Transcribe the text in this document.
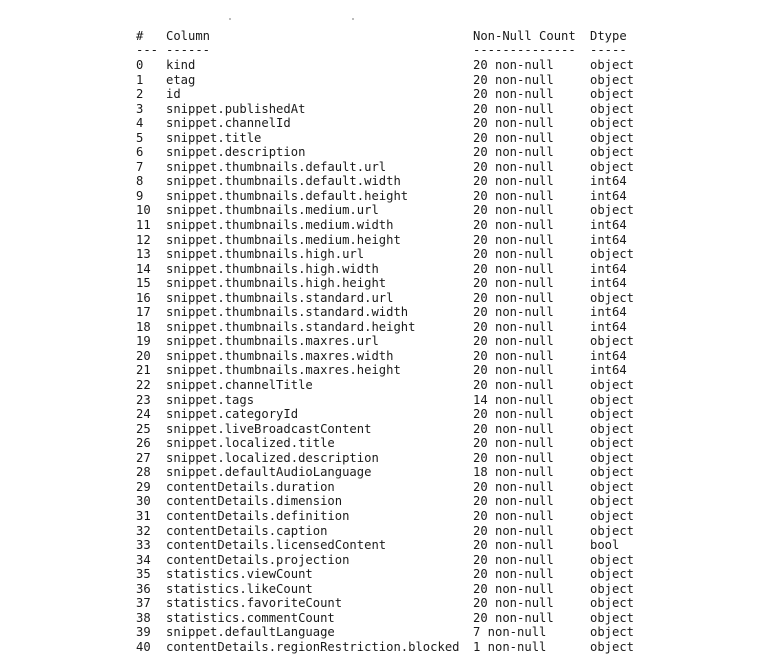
#	Column	Non-Null Count	Dtype
--- ------	--------------	-----
0	kind	20 non-null	object
1	etag	20 non-null	object
2	id	20 non-null	object
3	snippet.publishedAt	20 non-null	object
4	snippet.channelId	20 non-null	object
5	snippet.title	20 non-null	object
6	snippet.description	20 non-null	object
7	snippet.thumbnails.default.url	20 non-null	object
8	snippet.thumbnails.default.width	20 non-null	int64
9	snippet.thumbnails.default.height	20 non-null	int64
10	snippet.thumbnails.medium.url	20 non-null	object
11	snippet.thumbnails.medium.width	20 non-null	int64
12	snippet.thumbnails.medium.height	20 non-null	int64
13	snippet.thumbnails.high.url	20 non-null	object
14	snippet.thumbnails.high.width	20 non-null	int64
15	snippet.thumbnails.high.height	20 non-null	int64
16	snippet.thumbnails.standard.url	20 non-null	object
17	snippet.thumbnails.standard.width	20 non-null	int64
18	snippet.thumbnails.standard.height	20 non-null	int64
19	snippet.thumbnails.maxres.url	20 non-null	object
20	snippet.thumbnails.maxres.width	20 non-null	int64
21	snippet.thumbnails.maxres.height	20 non-null	int64
22	snippet.channelTitle	20 non-null	object
23	snippet.tags	14 non-null	object
24	snippet.categoryId	20 non-null	object
25	snippet.liveBroadcastContent	20 non-null	object
26	snippet.localized.title	20 non-null	object
27	snippet.localized.description	20 non-null	object
28	snippet.defaultAudioLanguage	18 non-null	object
29	contentDetails.duration	20 non-null	object
30	contentDetails.dimension	20 non-null	object
31	contentDetails.definition	20 non-null	object
32	contentDetails.caption	20 non-null	object
33	contentDetails.licensedContent	20 non-null	bool
34	contentDetails.projection	20 non-null	object
35	statistics.viewCount	20 non-null	object
36	statistics.likeCount	20 non-null	object
37	statistics.favoriteCount	20 non-null	object
38	statistics.commentCount	20 non-null	object
39	snippet.defaultLanguage	7 non-null	object
40	contentDetails.regionRestriction.blocked	1 non-null	object
